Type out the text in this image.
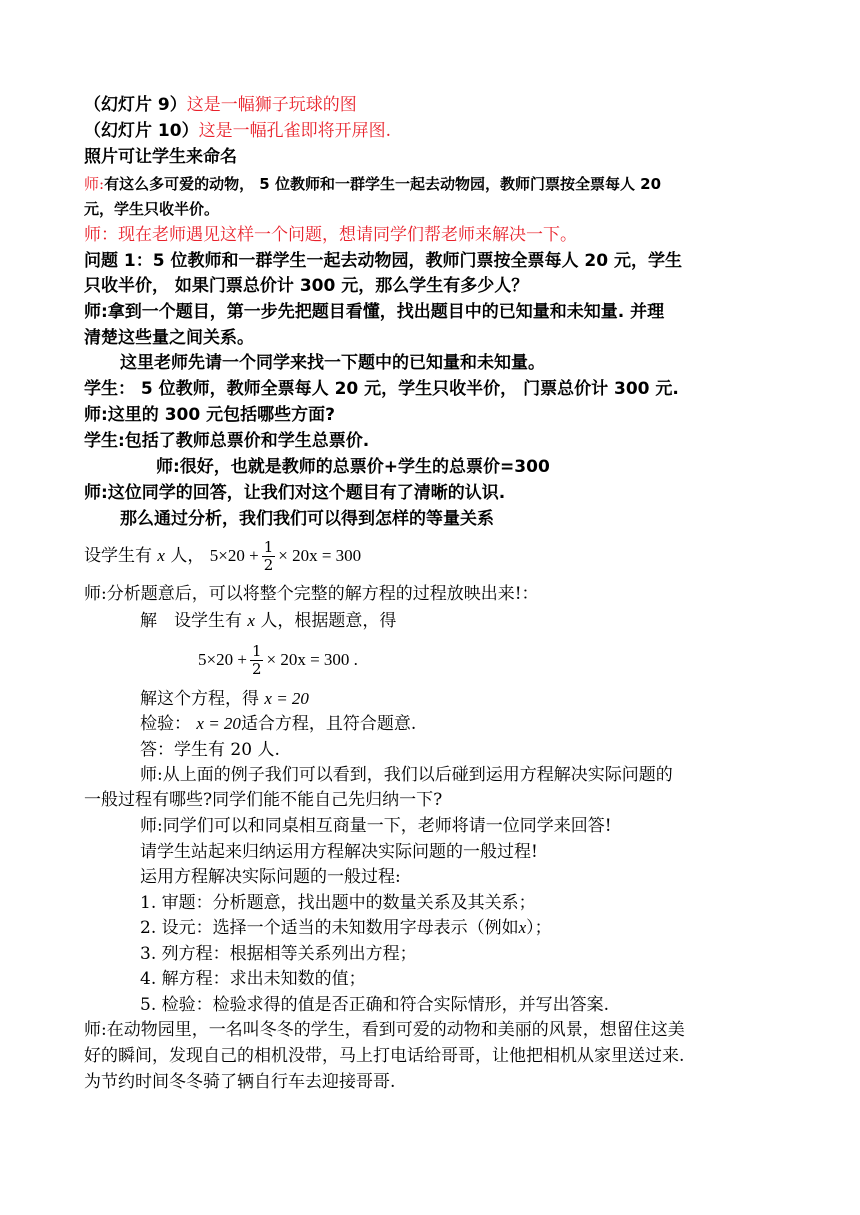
（幻灯片 9）这是一幅狮子玩球的图
（幻灯片 10）这是一幅孔雀即将开屏图.
照片可让学生来命名
师:有这么多可爱的动物， 5 位教师和一群学生一起去动物园，教师门票按全票每人 20
元，学生只收半价。
师：现在老师遇见这样一个问题，想请同学们帮老师来解决一下。
问题 1：5 位教师和一群学生一起去动物园，教师门票按全票每人 20 元，学生
只收半价， 如果门票总价计 300 元，那么学生有多少人？
师:拿到一个题目，第一步先把题目看懂，找出题目中的已知量和未知量. 并理
清楚这些量之间关系。
这里老师先请一个同学来找一下题中的已知量和未知量。
学生： 5 位教师，教师全票每人 20 元，学生只收半价， 门票总价计 300 元.
师:这里的 300 元包括哪些方面?
学生:包括了教师总票价和学生总票价.
师:很好，也就是教师的总票价+学生的总票价=300
师:这位同学的回答，让我们对这个题目有了清晰的认识.
那么通过分析，我们我们可以得到怎样的等量关系
设学生有 x 人， $5\times 20 + \frac{1}{2} \times 20x = 300$
师:分析题意后，可以将整个完整的解方程的过程放映出来!：
解　设学生有 x 人，根据题意，得
$5\times 20 + \frac{1}{2} \times 20x = 300$ .
解这个方程，得 x = 20
检验： x = 20适合方程，且符合题意.
答：学生有 20 人.
师:从上面的例子我们可以看到，我们以后碰到运用方程解决实际问题的
一般过程有哪些?同学们能不能自己先归纳一下?
师:同学们可以和同桌相互商量一下，老师将请一位同学来回答!
请学生站起来归纳运用方程解决实际问题的一般过程!
运用方程解决实际问题的一般过程:
1. 审题：分析题意，找出题中的数量关系及其关系；
2. 设元：选择一个适当的未知数用字母表示（例如x）；
3. 列方程：根据相等关系列出方程；
4. 解方程：求出未知数的值；
5. 检验：检验求得的值是否正确和符合实际情形，并写出答案.
师:在动物园里，一名叫冬冬的学生，看到可爱的动物和美丽的风景，想留住这美
好的瞬间，发现自己的相机没带，马上打电话给哥哥，让他把相机从家里送过来.
为节约时间冬冬骑了辆自行车去迎接哥哥.
